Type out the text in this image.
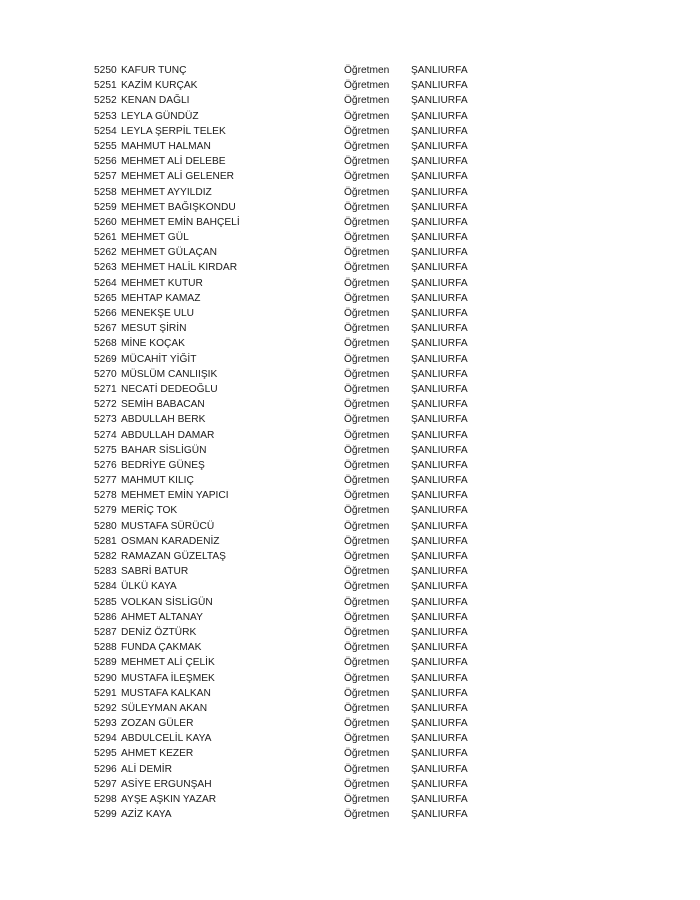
5250 KAFUR TUNÇ	Öğretmen	ŞANLIURFA
5251 KAZİM KURÇAK	Öğretmen	ŞANLIURFA
5252 KENAN DAĞLI	Öğretmen	ŞANLIURFA
5253 LEYLA GÜNDÜZ	Öğretmen	ŞANLIURFA
5254 LEYLA ŞERPİL TELEK	Öğretmen	ŞANLIURFA
5255 MAHMUT HALMAN	Öğretmen	ŞANLIURFA
5256 MEHMET ALİ DELEBE	Öğretmen	ŞANLIURFA
5257 MEHMET ALİ GELENER	Öğretmen	ŞANLIURFA
5258 MEHMET AYYILDIZ	Öğretmen	ŞANLIURFA
5259 MEHMET BAĞIŞKONDU	Öğretmen	ŞANLIURFA
5260 MEHMET EMİN BAHÇELİ	Öğretmen	ŞANLIURFA
5261 MEHMET GÜL	Öğretmen	ŞANLIURFA
5262 MEHMET GÜLAÇAN	Öğretmen	ŞANLIURFA
5263 MEHMET HALİL KIRDAR	Öğretmen	ŞANLIURFA
5264 MEHMET KUTUR	Öğretmen	ŞANLIURFA
5265 MEHTAP KAMAZ	Öğretmen	ŞANLIURFA
5266 MENEKŞE ULU	Öğretmen	ŞANLIURFA
5267 MESUT ŞİRİN	Öğretmen	ŞANLIURFA
5268 MİNE KOÇAK	Öğretmen	ŞANLIURFA
5269 MÜCAHİT YİĞİT	Öğretmen	ŞANLIURFA
5270 MÜSLÜM CANLIIŞIK	Öğretmen	ŞANLIURFA
5271 NECATİ DEDEOĞLU	Öğretmen	ŞANLIURFA
5272 SEMİH BABACAN	Öğretmen	ŞANLIURFA
5273 ABDULLAH BERK	Öğretmen	ŞANLIURFA
5274 ABDULLAH DAMAR	Öğretmen	ŞANLIURFA
5275 BAHAR SİSLİGÜN	Öğretmen	ŞANLIURFA
5276 BEDRİYE GÜNEŞ	Öğretmen	ŞANLIURFA
5277 MAHMUT KILIÇ	Öğretmen	ŞANLIURFA
5278 MEHMET EMİN YAPICI	Öğretmen	ŞANLIURFA
5279 MERİÇ TOK	Öğretmen	ŞANLIURFA
5280 MUSTAFA SÜRÜCÜ	Öğretmen	ŞANLIURFA
5281 OSMAN KARADENİZ	Öğretmen	ŞANLIURFA
5282 RAMAZAN GÜZELTAŞ	Öğretmen	ŞANLIURFA
5283 SABRİ BATUR	Öğretmen	ŞANLIURFA
5284 ÜLKÜ KAYA	Öğretmen	ŞANLIURFA
5285 VOLKAN SİSLİGÜN	Öğretmen	ŞANLIURFA
5286 AHMET ALTANAY	Öğretmen	ŞANLIURFA
5287 DENİZ ÖZTÜRK	Öğretmen	ŞANLIURFA
5288 FUNDA ÇAKMAK	Öğretmen	ŞANLIURFA
5289 MEHMET ALİ ÇELİK	Öğretmen	ŞANLIURFA
5290 MUSTAFA İLEŞMEK	Öğretmen	ŞANLIURFA
5291 MUSTAFA KALKAN	Öğretmen	ŞANLIURFA
5292 SÜLEYMAN AKAN	Öğretmen	ŞANLIURFA
5293 ZOZAN GÜLER	Öğretmen	ŞANLIURFA
5294 ABDULCELİL KAYA	Öğretmen	ŞANLIURFA
5295 AHMET KEZER	Öğretmen	ŞANLIURFA
5296 ALİ DEMİR	Öğretmen	ŞANLIURFA
5297 ASİYE ERGUNŞAH	Öğretmen	ŞANLIURFA
5298 AYŞE AŞKIN YAZAR	Öğretmen	ŞANLIURFA
5299 AZİZ KAYA	Öğretmen	ŞANLIURFA
